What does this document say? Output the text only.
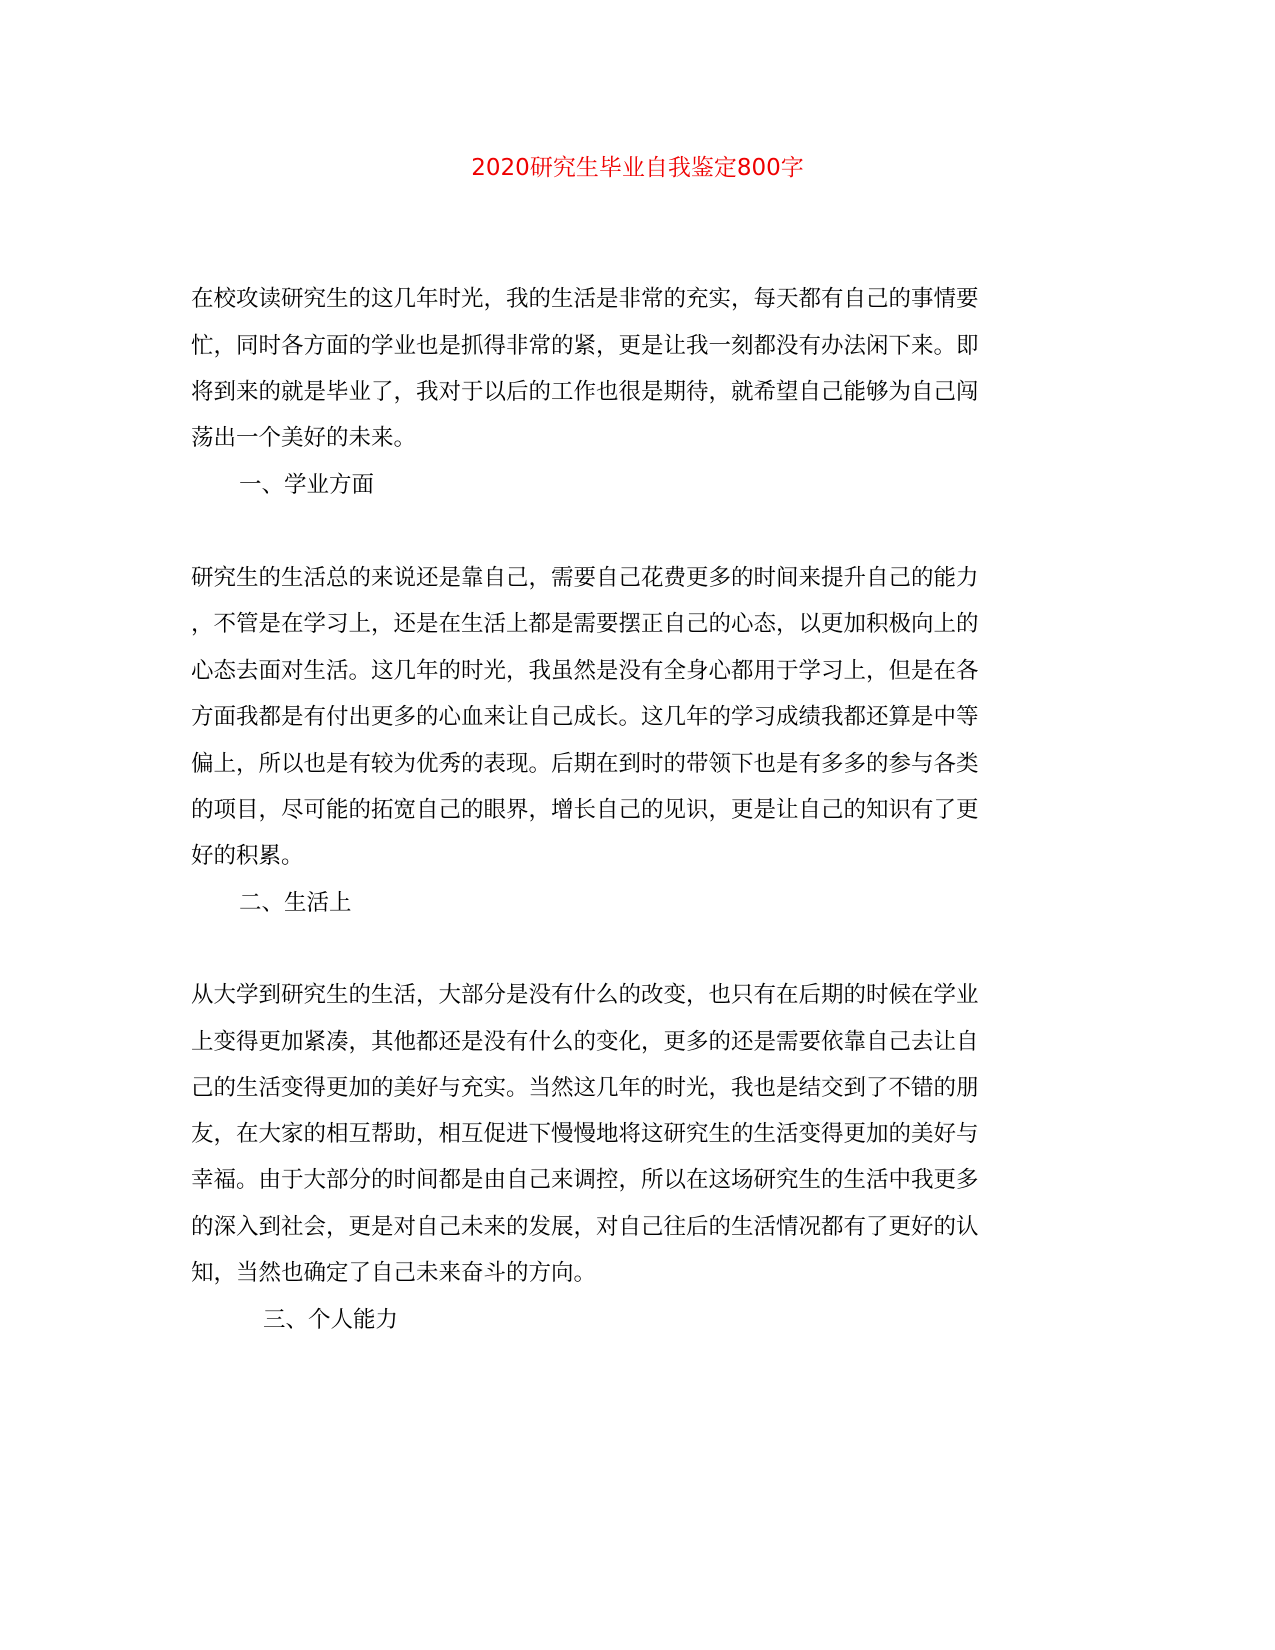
2020研究生毕业自我鉴定800字

在校攻读研究生的这几年时光，我的生活是非常的充实，每天都有自己的事情要

忙，同时各方面的学业也是抓得非常的紧，更是让我一刻都没有办法闲下来。即

将到来的就是毕业了，我对于以后的工作也很是期待，就希望自己能够为自己闯

荡出一个美好的未来。

一、学业方面

研究生的生活总的来说还是靠自己，需要自己花费更多的时间来提升自己的能力

，不管是在学习上，还是在生活上都是需要摆正自己的心态，以更加积极向上的

心态去面对生活。这几年的时光，我虽然是没有全身心都用于学习上，但是在各

方面我都是有付出更多的心血来让自己成长。这几年的学习成绩我都还算是中等

偏上，所以也是有较为优秀的表现。后期在到时的带领下也是有多多的参与各类

的项目，尽可能的拓宽自己的眼界，增长自己的见识，更是让自己的知识有了更

好的积累。

二、生活上

从大学到研究生的生活，大部分是没有什么的改变，也只有在后期的时候在学业

上变得更加紧凑，其他都还是没有什么的变化，更多的还是需要依靠自己去让自

己的生活变得更加的美好与充实。当然这几年的时光，我也是结交到了不错的朋

友，在大家的相互帮助，相互促进下慢慢地将这研究生的生活变得更加的美好与

幸福。由于大部分的时间都是由自己来调控，所以在这场研究生的生活中我更多

的深入到社会，更是对自己未来的发展，对自己往后的生活情况都有了更好的认

知，当然也确定了自己未来奋斗的方向。

三、个人能力
